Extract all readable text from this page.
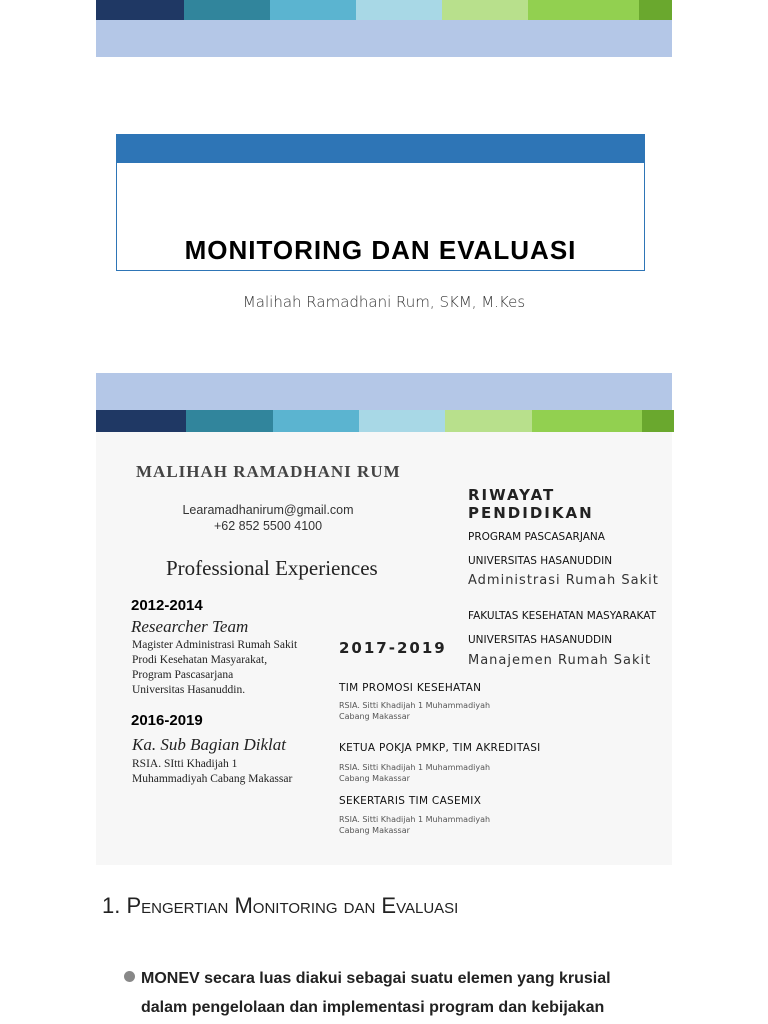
MONITORING DAN EVALUASI
Malihah Ramadhani Rum, SKM, M.Kes
MALIHAH RAMADHANI RUM
Learamadhanirum@gmail.com
+62 852 5500 4100
Professional Experiences
2012-2014
Researcher Team
Magister Administrasi Rumah Sakit
Prodi Kesehatan Masyarakat,
Program Pascasarjana
Universitas Hasanuddin.
2016-2019
Ka. Sub Bagian Diklat
RSIA. SItti Khadijah 1
Muhammadiyah Cabang Makassar
2017-2019
TIM PROMOSI KESEHATAN
RSIA. Sitti Khadijah 1 Muhammadiyah
Cabang Makassar
KETUA POKJA PMKP, TIM AKREDITASI
RSIA. Sitti Khadijah 1 Muhammadiyah
Cabang Makassar
SEKERTARIS TIM CASEMIX
RSIA. Sitti Khadijah 1 Muhammadiyah
Cabang Makassar
RIWAYAT PENDIDIKAN
PROGRAM PASCASARJANA
UNIVERSITAS HASANUDDIN
Administrasi Rumah Sakit
FAKULTAS KESEHATAN MASYARAKAT
UNIVERSITAS HASANUDDIN
Manajemen Rumah Sakit
1. Pengertian Monitoring dan Evaluasi
MONEV secara luas diakui sebagai suatu elemen yang krusial
dalam pengelolaan dan implementasi program dan kebijakan
